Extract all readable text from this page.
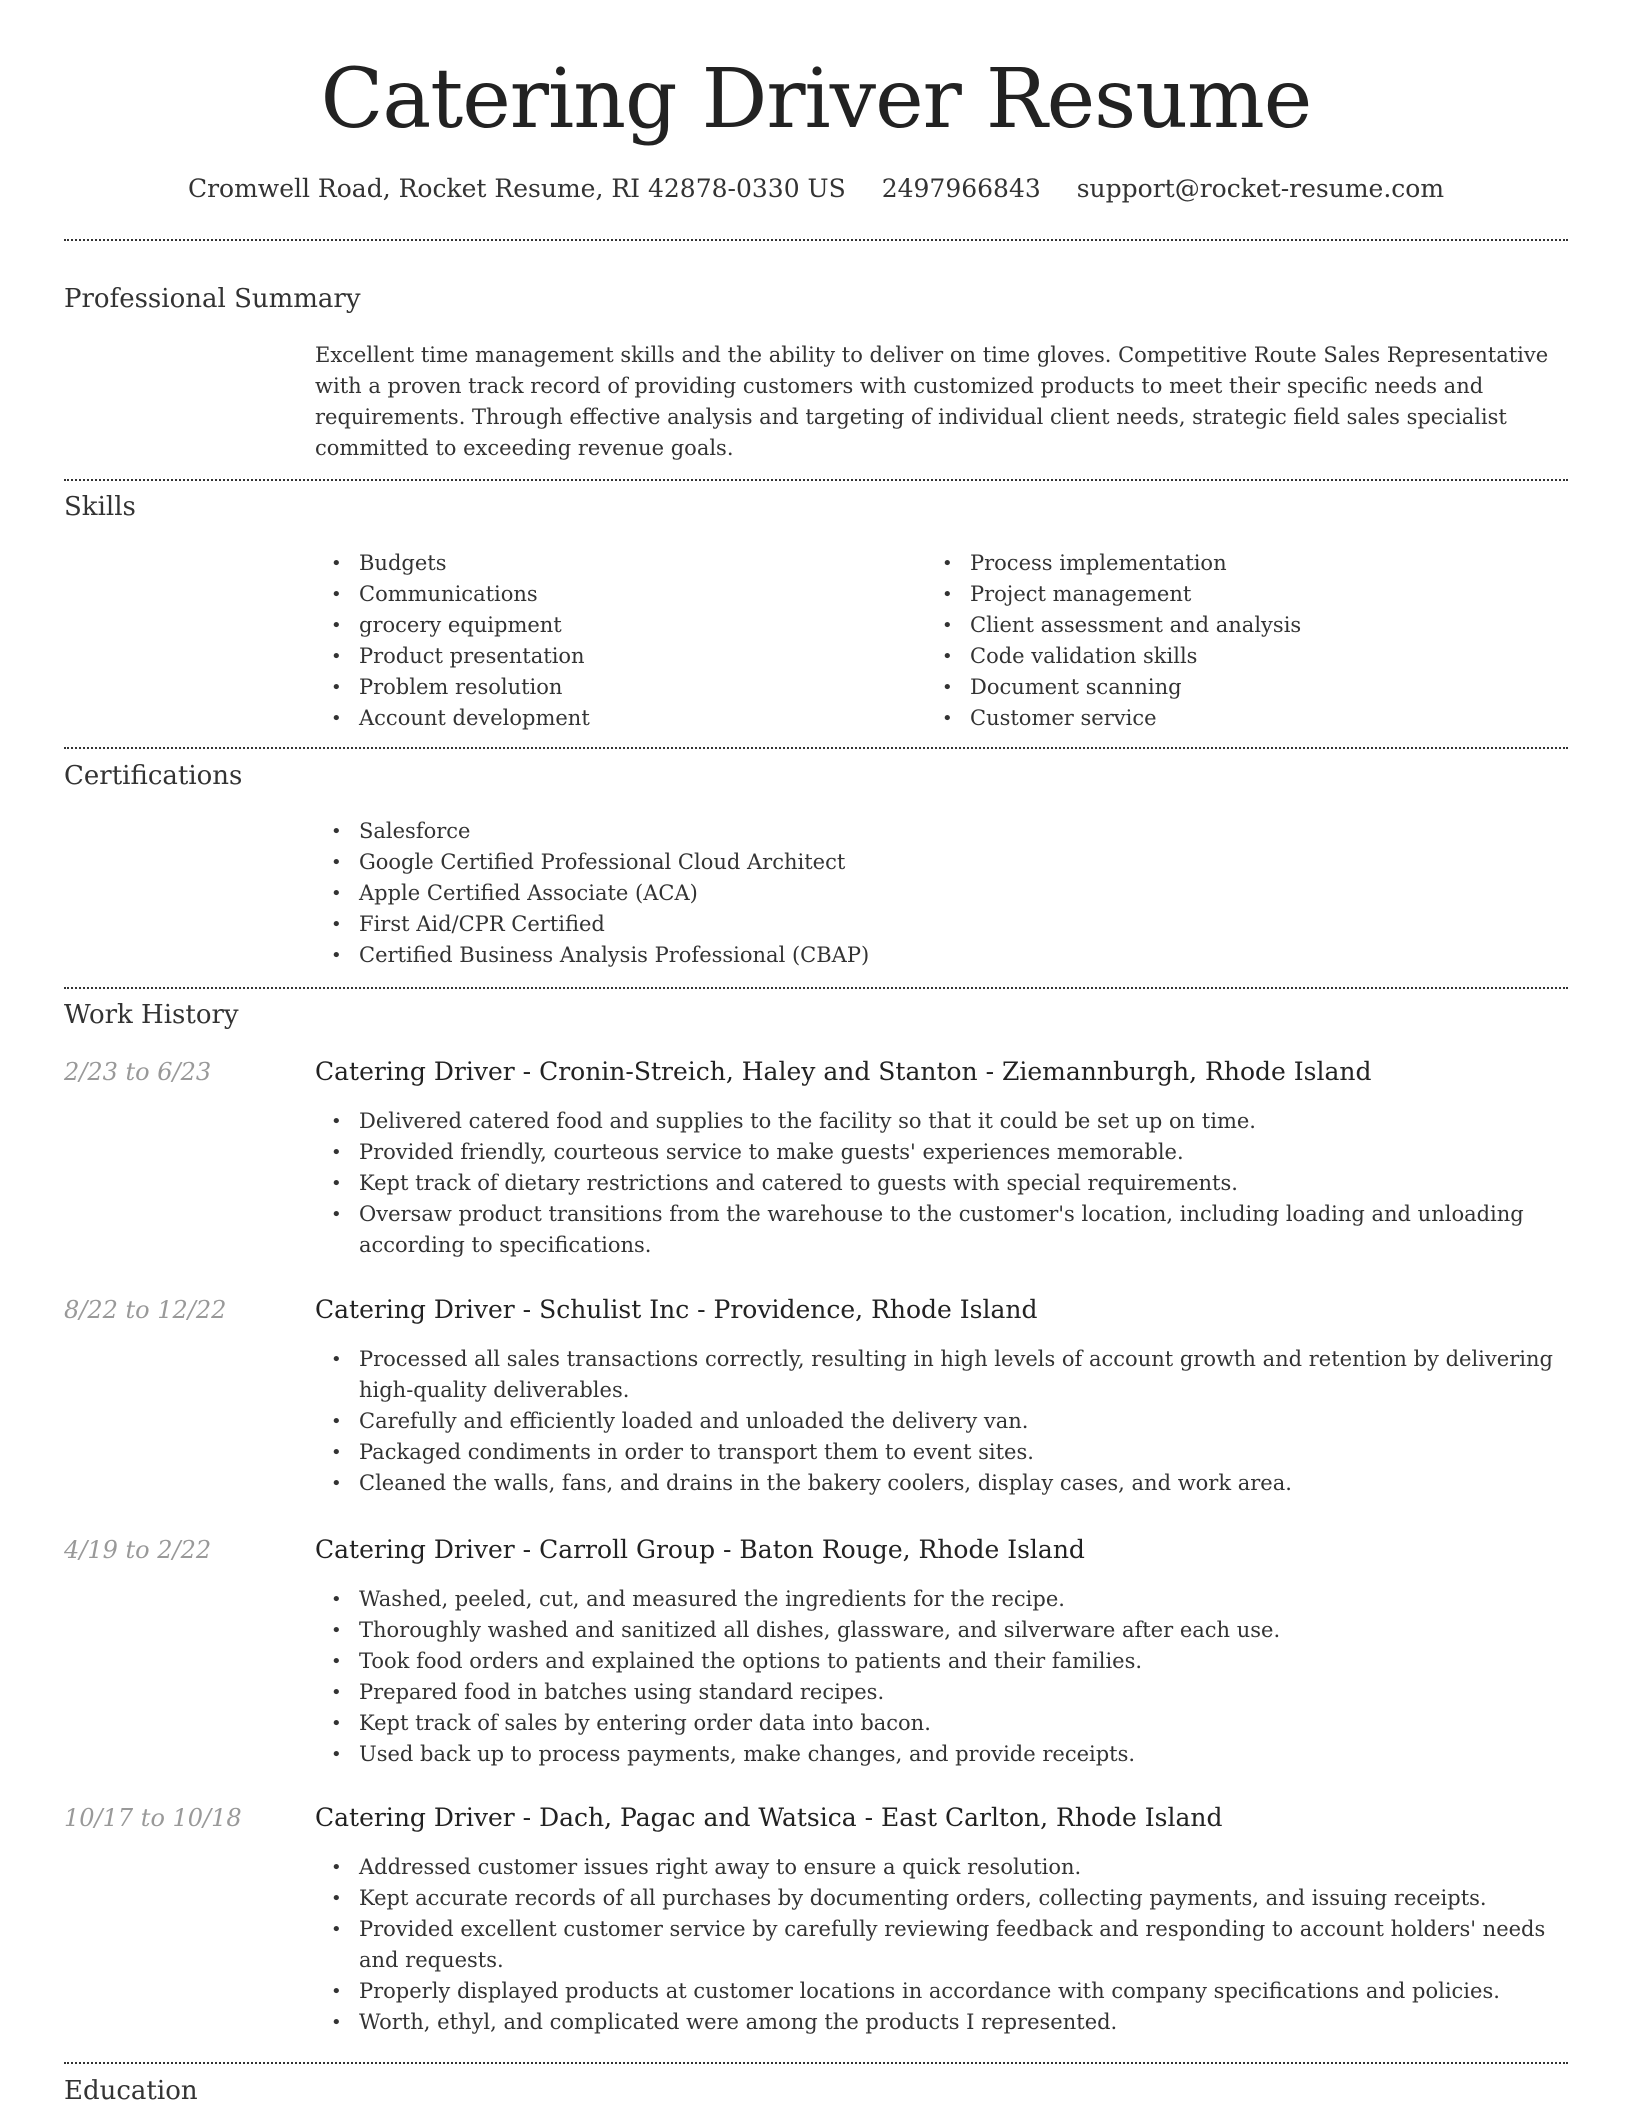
Catering Driver Resume
Cromwell Road, Rocket Resume, RI 42878-0330 US 2497966843 support@rocket-resume.com
Professional Summary
Excellent time management skills and the ability to deliver on time gloves. Competitive Route Sales Representative with a proven track record of providing customers with customized products to meet their specific needs and requirements. Through effective analysis and targeting of individual client needs, strategic field sales specialist committed to exceeding revenue goals.
Skills
• Budgets
• Communications
• grocery equipment
• Product presentation
• Problem resolution
• Account development
• Process implementation
• Project management
• Client assessment and analysis
• Code validation skills
• Document scanning
• Customer service
Certifications
• Salesforce
• Google Certified Professional Cloud Architect
• Apple Certified Associate (ACA)
• First Aid/CPR Certified
• Certified Business Analysis Professional (CBAP)
Work History
2/23 to 6/23	Catering Driver - Cronin-Streich, Haley and Stanton - Ziemannburgh, Rhode Island
• Delivered catered food and supplies to the facility so that it could be set up on time.
• Provided friendly, courteous service to make guests' experiences memorable.
• Kept track of dietary restrictions and catered to guests with special requirements.
• Oversaw product transitions from the warehouse to the customer's location, including loading and unloading according to specifications.
8/22 to 12/22	Catering Driver - Schulist Inc - Providence, Rhode Island
• Processed all sales transactions correctly, resulting in high levels of account growth and retention by delivering high-quality deliverables.
• Carefully and efficiently loaded and unloaded the delivery van.
• Packaged condiments in order to transport them to event sites.
• Cleaned the walls, fans, and drains in the bakery coolers, display cases, and work area.
4/19 to 2/22	Catering Driver - Carroll Group - Baton Rouge, Rhode Island
• Washed, peeled, cut, and measured the ingredients for the recipe.
• Thoroughly washed and sanitized all dishes, glassware, and silverware after each use.
• Took food orders and explained the options to patients and their families.
• Prepared food in batches using standard recipes.
• Kept track of sales by entering order data into bacon.
• Used back up to process payments, make changes, and provide receipts.
10/17 to 10/18	Catering Driver - Dach, Pagac and Watsica - East Carlton, Rhode Island
• Addressed customer issues right away to ensure a quick resolution.
• Kept accurate records of all purchases by documenting orders, collecting payments, and issuing receipts.
• Provided excellent customer service by carefully reviewing feedback and responding to account holders' needs and requests.
• Properly displayed products at customer locations in accordance with company specifications and policies.
• Worth, ethyl, and complicated were among the products I represented.
Education
